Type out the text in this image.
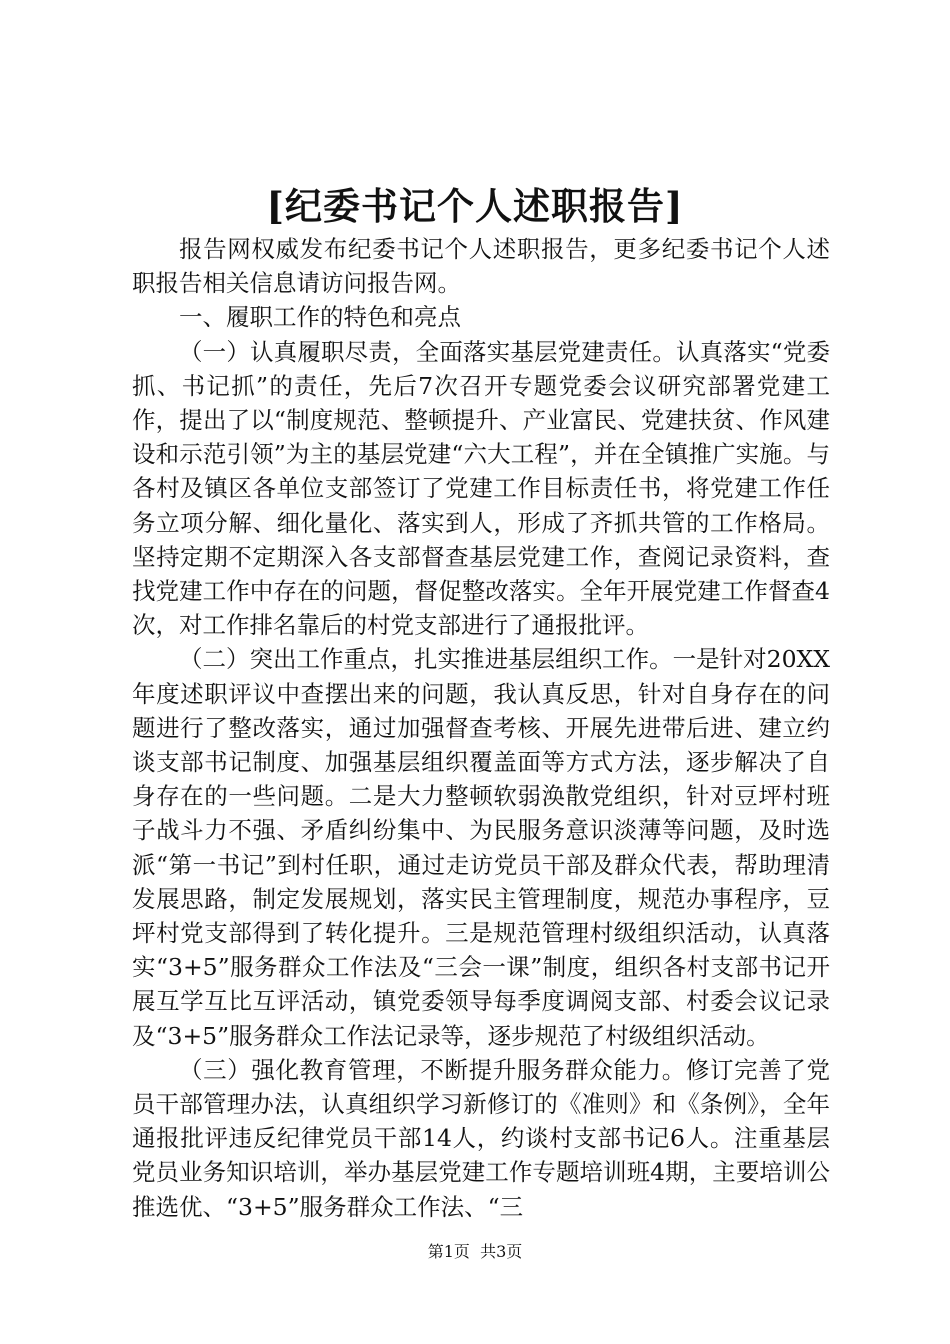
[纪委书记个人述职报告]

报告网权威发布纪委书记个人述职报告，更多纪委书记个人述职报告相关信息请访问报告网。

一、履职工作的特色和亮点

（一）认真履职尽责，全面落实基层党建责任。认真落实“党委抓、书记抓”的责任，先后7次召开专题党委会议研究部署党建工作，提出了以“制度规范、整顿提升、产业富民、党建扶贫、作风建设和示范引领”为主的基层党建“六大工程”，并在全镇推广实施。与各村及镇区各单位支部签订了党建工作目标责任书，将党建工作任务立项分解、细化量化、落实到人，形成了齐抓共管的工作格局。坚持定期不定期深入各支部督查基层党建工作，查阅记录资料，查找党建工作中存在的问题，督促整改落实。全年开展党建工作督查4次，对工作排名靠后的村党支部进行了通报批评。

（二）突出工作重点，扎实推进基层组织工作。一是针对20XX年度述职评议中查摆出来的问题，我认真反思，针对自身存在的问题进行了整改落实，通过加强督查考核、开展先进带后进、建立约谈支部书记制度、加强基层组织覆盖面等方式方法，逐步解决了自身存在的一些问题。二是大力整顿软弱涣散党组织，针对豆坪村班子战斗力不强、矛盾纠纷集中、为民服务意识淡薄等问题，及时选派“第一书记”到村任职，通过走访党员干部及群众代表，帮助理清发展思路，制定发展规划，落实民主管理制度，规范办事程序，豆坪村党支部得到了转化提升。三是规范管理村级组织活动，认真落实“3+5”服务群众工作法及“三会一课”制度，组织各村支部书记开展互学互比互评活动，镇党委领导每季度调阅支部、村委会议记录及“3+5”服务群众工作法记录等，逐步规范了村级组织活动。

（三）强化教育管理，不断提升服务群众能力。修订完善了党员干部管理办法，认真组织学习新修订的《准则》和《条例》，全年通报批评违反纪律党员干部14人，约谈村支部书记6人。注重基层党员业务知识培训，举办基层党建工作专题培训班4期，主要培训公推选优、“3+5”服务群众工作法、“三

第1页  共3页
